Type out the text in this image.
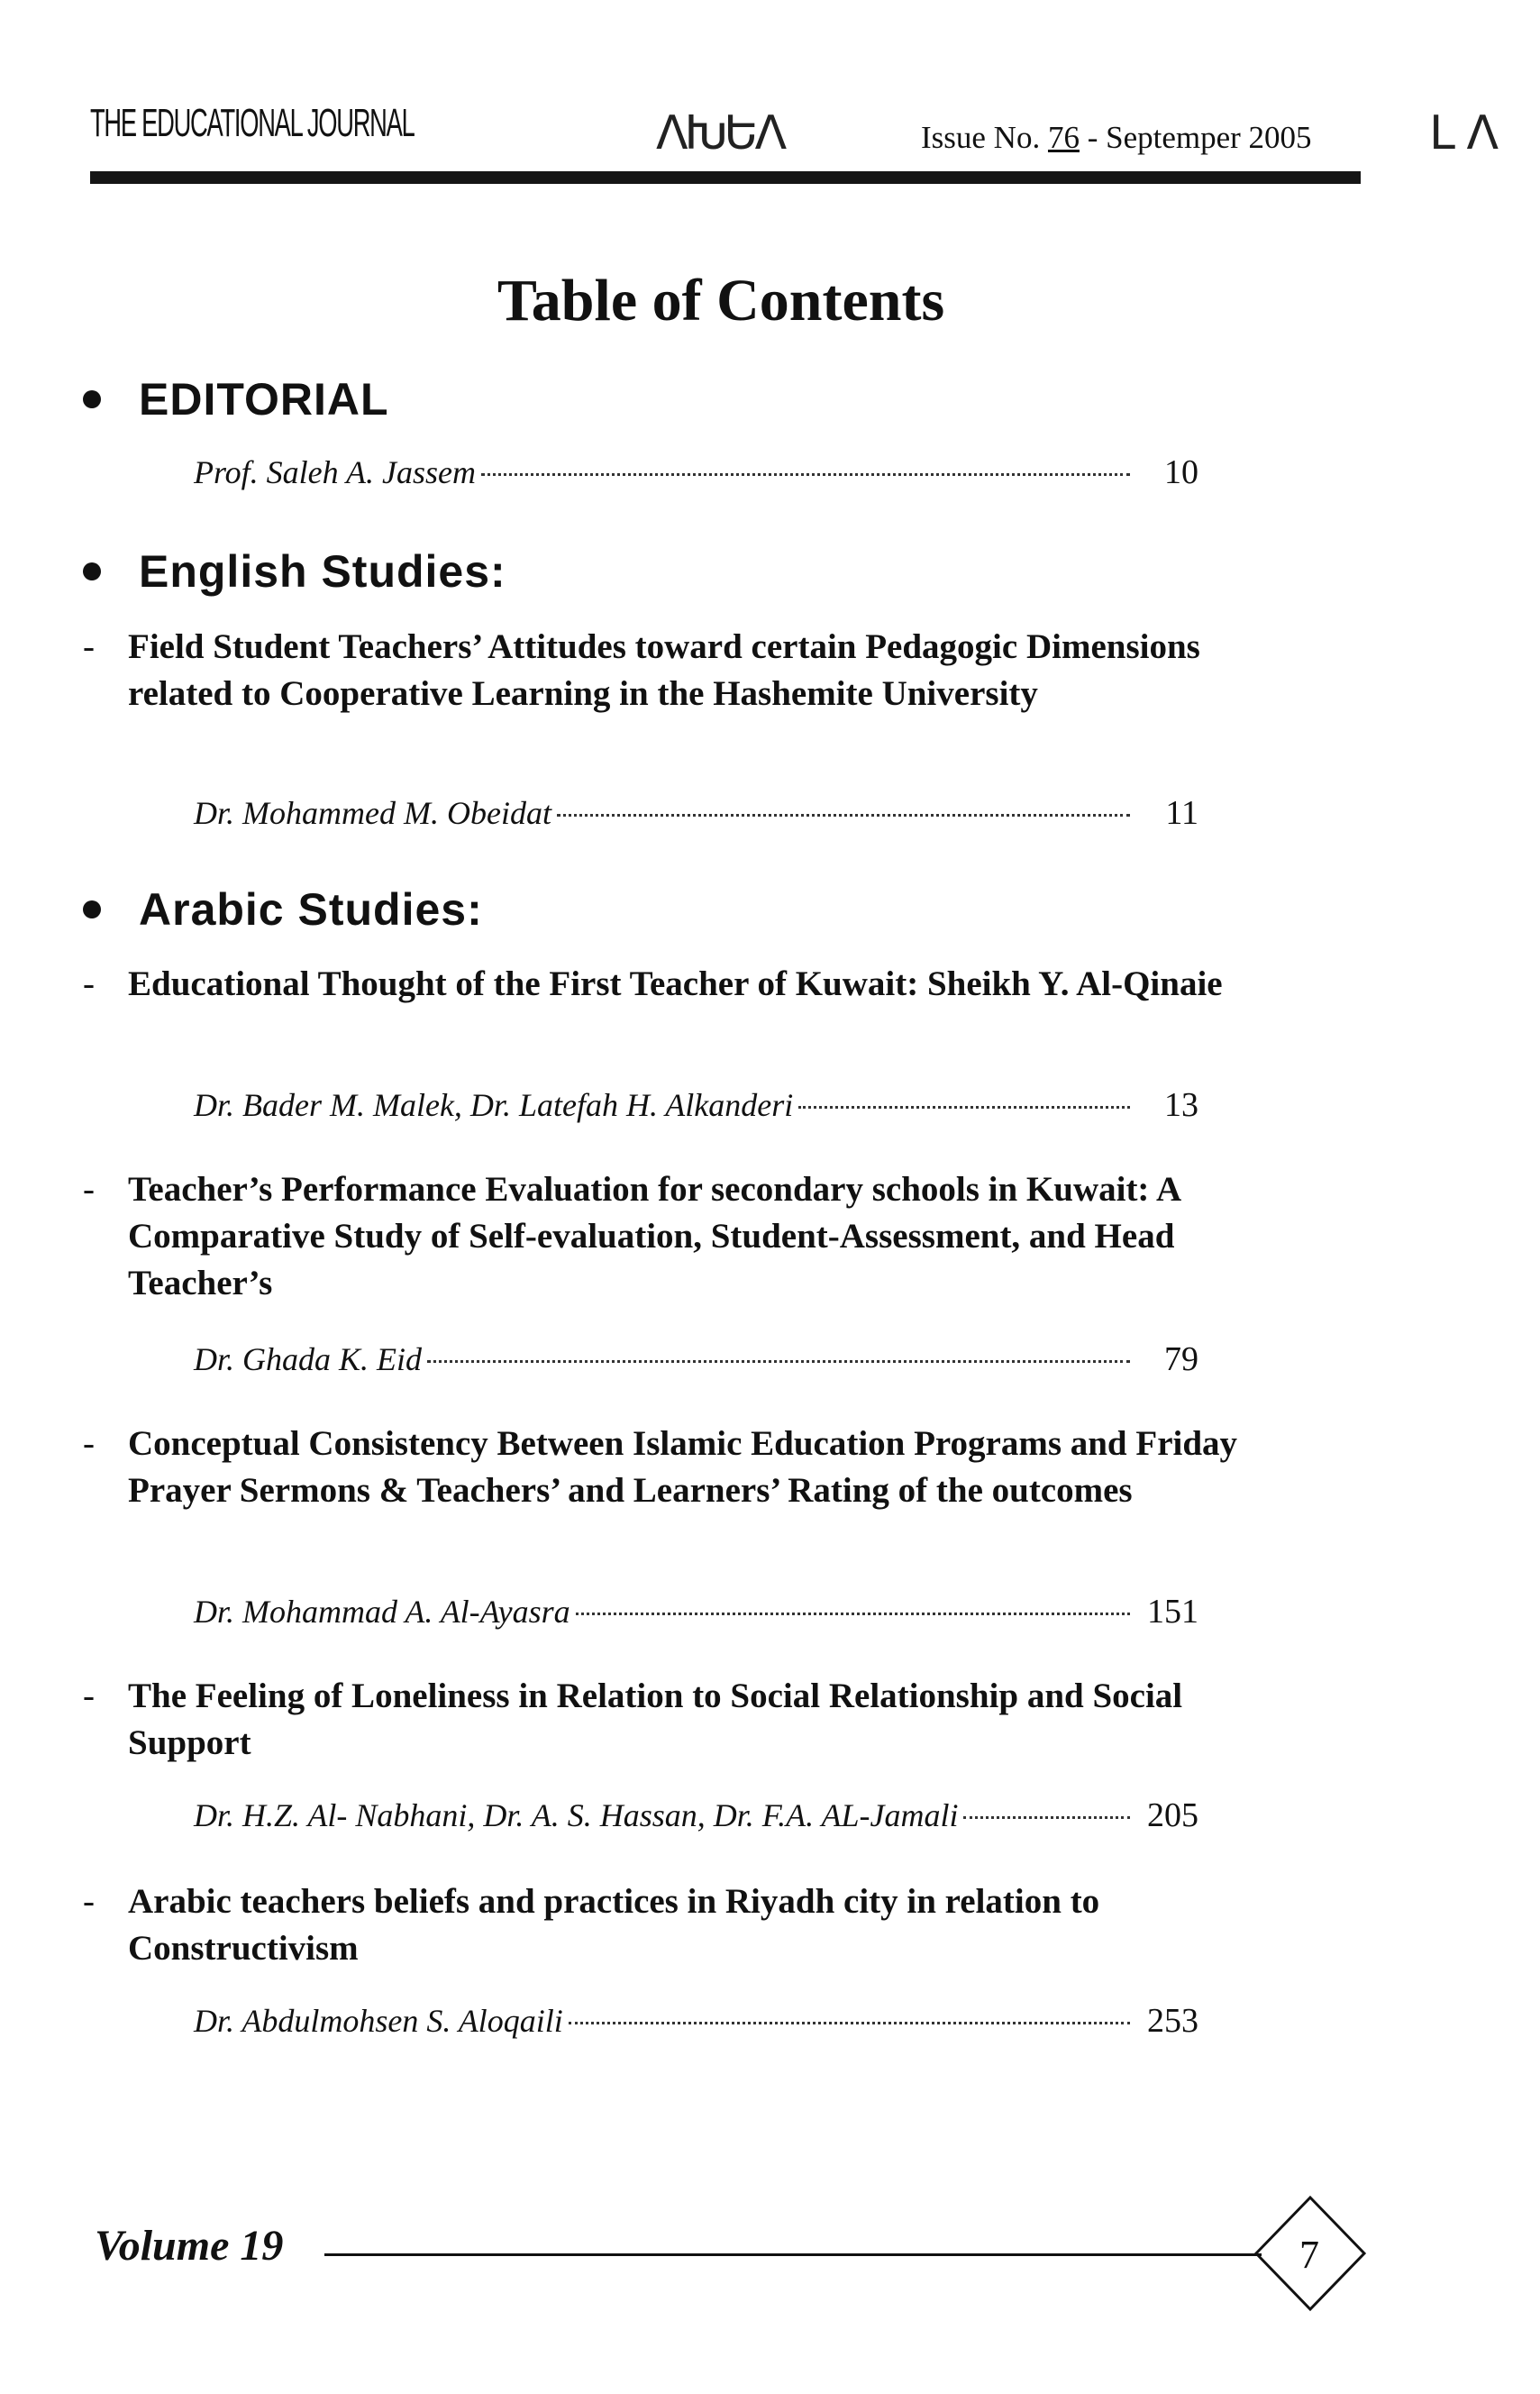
THE EDUCATIONAL JOURNAL	ΛԽԵΛ	Issue No. 76 - Septemper 2005	L Λ
Table of Contents
EDITORIAL
Prof. Saleh A. Jassem	10
English Studies:
- Field Student Teachers’ Attitudes toward certain Pedagogic Dimensions related to Cooperative Learning in the Hashemite University
Dr. Mohammed M. Obeidat	11
Arabic Studies:
- Educational Thought of the First Teacher of Kuwait: Sheikh Y. Al-Qinaie
Dr. Bader M. Malek, Dr. Latefah H. Alkanderi	13
- Teacher’s Performance Evaluation for secondary schools in Kuwait: A Comparative Study of Self-evaluation, Student-Assessment, and Head Teacher’s
Dr. Ghada K. Eid	79
- Conceptual Consistency Between Islamic Education Programs and Friday Prayer Sermons & Teachers’ and Learners’ Rating of the outcomes
Dr. Mohammad A. Al-Ayasra	151
- The Feeling of Loneliness in Relation to Social Relationship and Social Support
Dr. H.Z. Al- Nabhani, Dr. A. S. Hassan, Dr. F.A. AL-Jamali	205
- Arabic teachers beliefs and practices in Riyadh city in relation to Constructivism
Dr. Abdulmohsen S. Aloqaili	253
Volume 19	7
